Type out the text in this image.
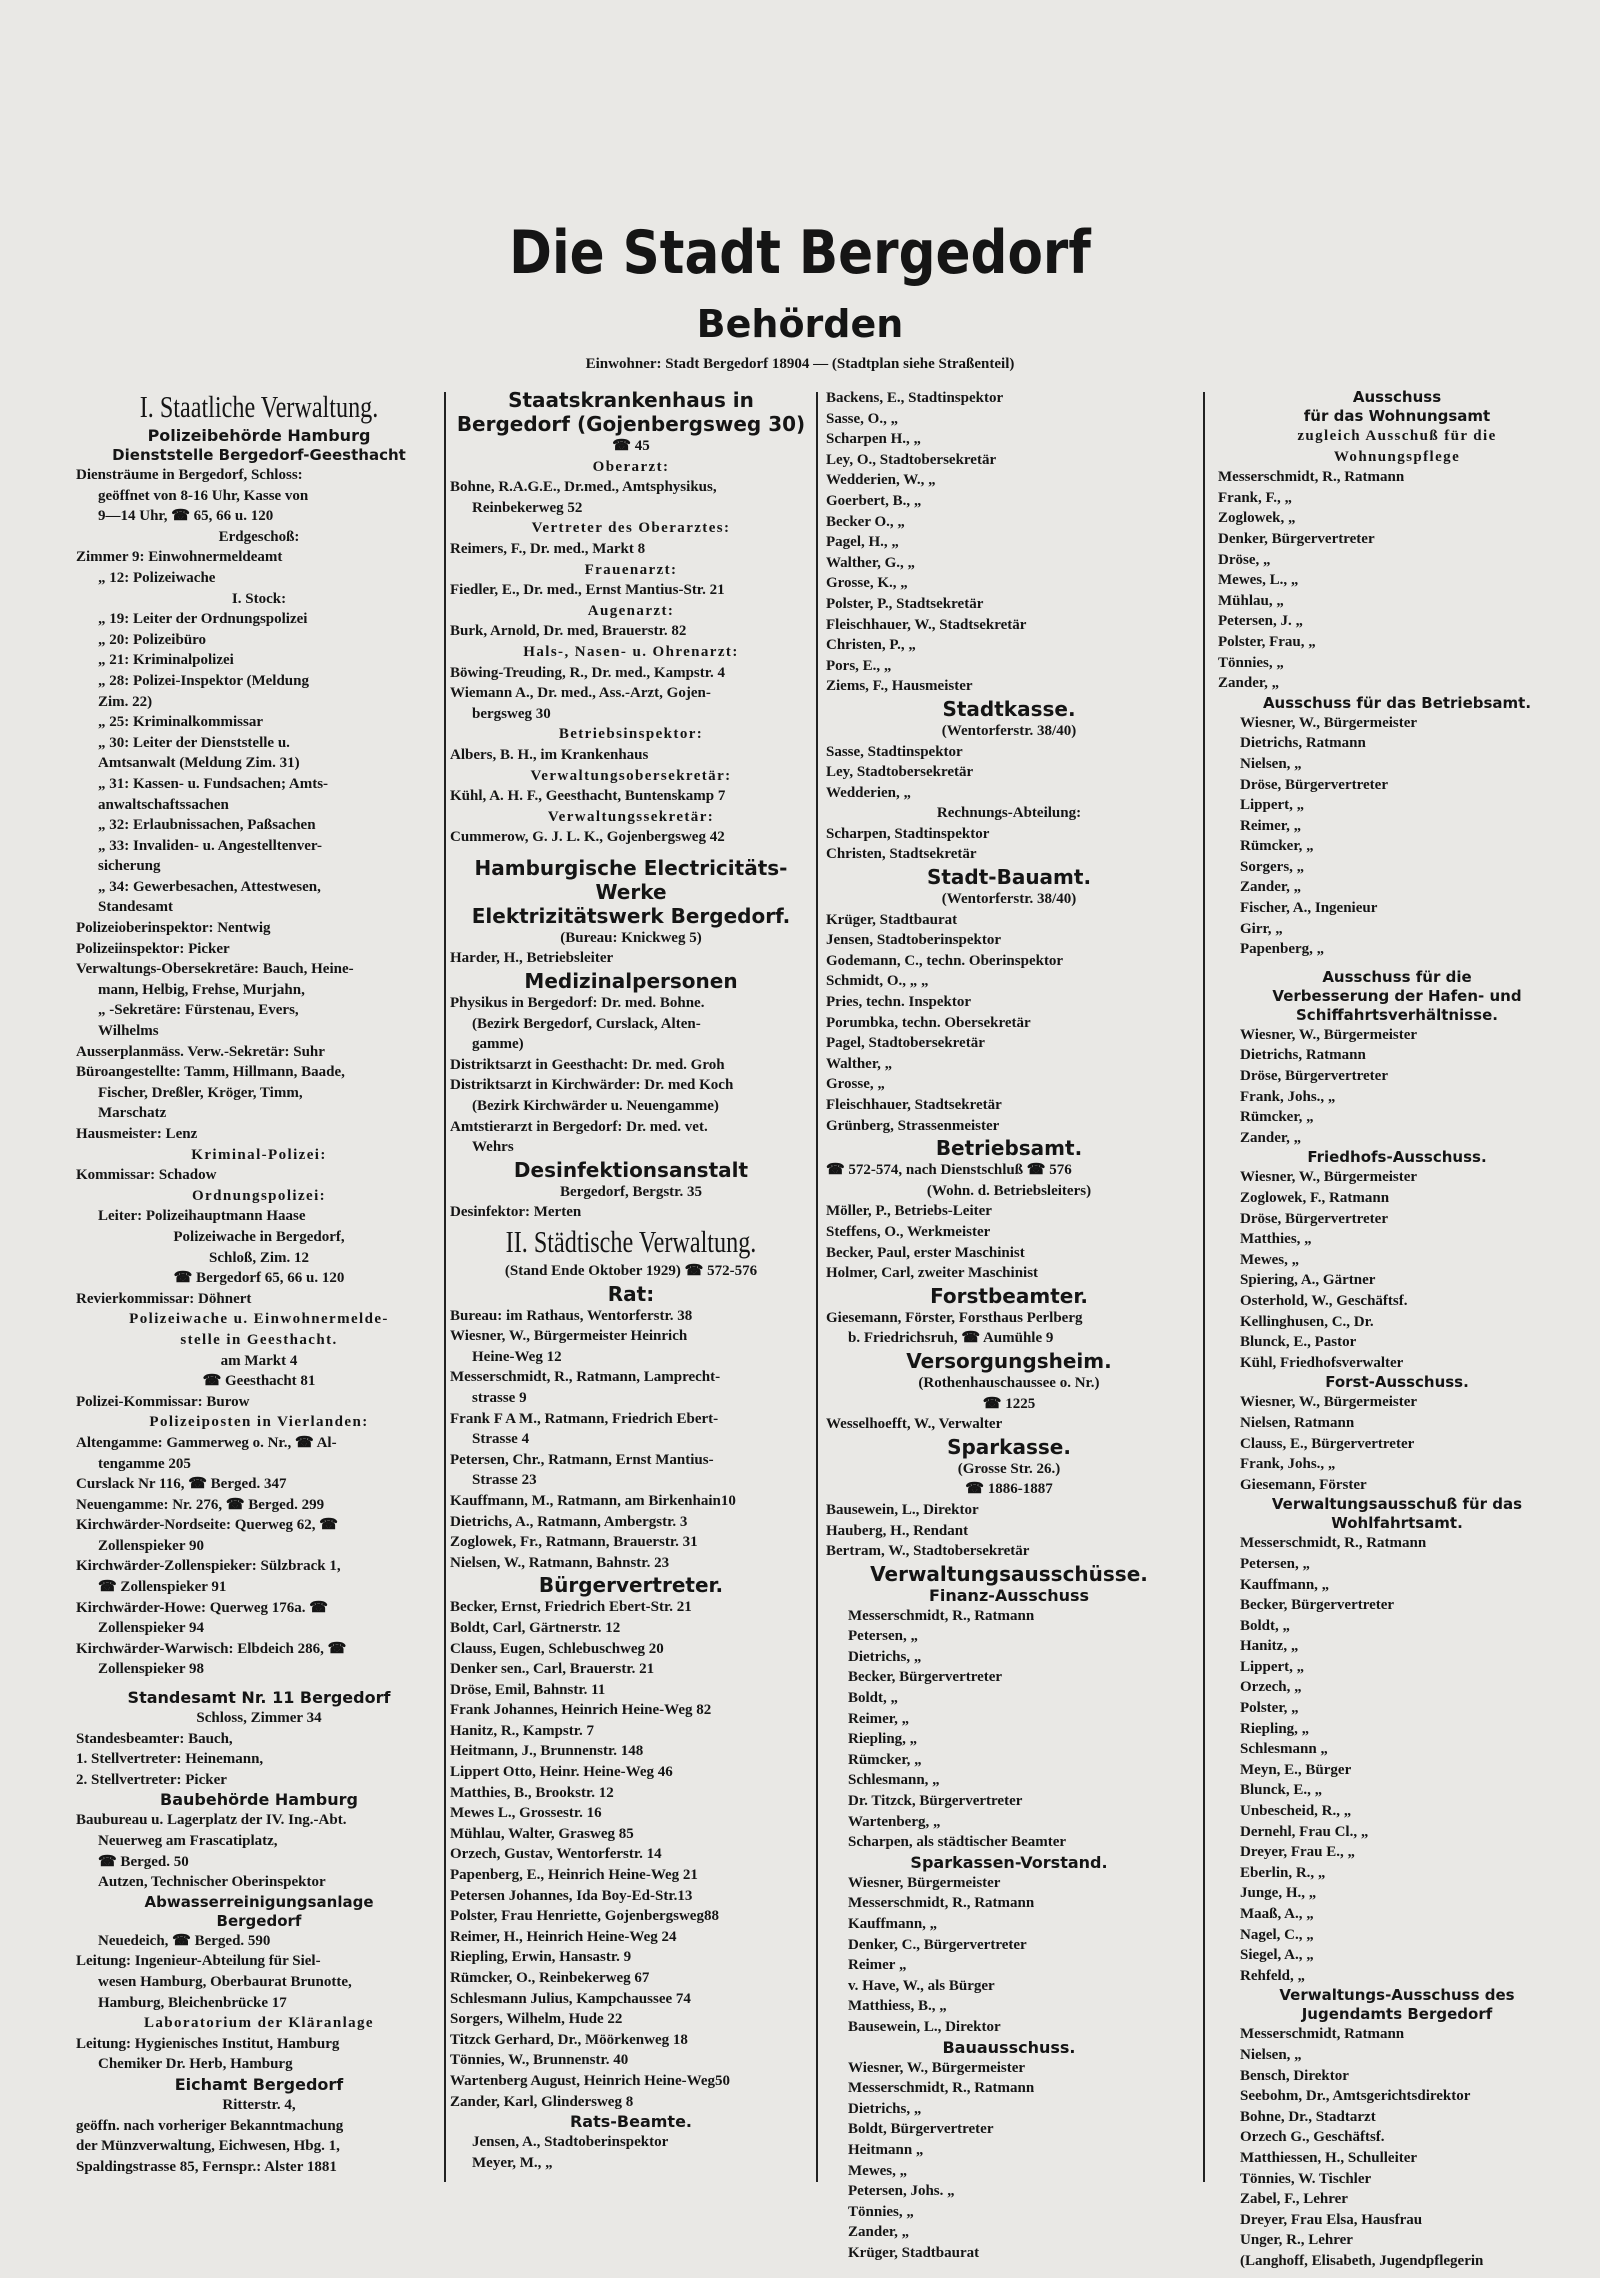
Die Stadt Bergedorf
Behörden
Einwohner: Stadt Bergedorf 18904 — (Stadtplan siehe Straßenteil)
I. Staatliche Verwaltung.
Polizeibehörde Hamburg
Dienststelle Bergedorf-Geesthacht
Diensträume in Bergedorf, Schloss:
geöffnet von 8-16 Uhr, Kasse von
9—14 Uhr, ☎ 65, 66 u. 120
Erdgeschoß:
Zimmer 9: Einwohnermeldeamt
„ 12: Polizeiwache
I. Stock:
„ 19: Leiter der Ordnungspolizei
„ 20: Polizeibüro
„ 21: Kriminalpolizei
„ 28: Polizei-Inspektor (Meldung
Zim. 22)
„ 25: Kriminalkommissar
„ 30: Leiter der Dienststelle u.
Amtsanwalt (Meldung Zim. 31)
„ 31: Kassen- u. Fundsachen; Amts-
anwaltschaftssachen
„ 32: Erlaubnissachen, Paßsachen
„ 33: Invaliden- u. Angestelltenver-
sicherung
„ 34: Gewerbesachen, Attestwesen,
Standesamt
Polizeioberinspektor: Nentwig
Polizeiinspektor: Picker
Verwaltungs-Obersekretäre: Bauch, Heine-
mann, Helbig, Frehse, Murjahn,
„ -Sekretäre: Fürstenau, Evers,
Wilhelms
Ausserplanmäss. Verw.-Sekretär: Suhr
Büroangestellte: Tamm, Hillmann, Baade,
Fischer, Dreßler, Kröger, Timm,
Marschatz
Hausmeister: Lenz
Kriminal-Polizei:
Kommissar: Schadow
Ordnungspolizei:
Leiter: Polizeihauptmann Haase
Polizeiwache in Bergedorf,
Schloß, Zim. 12
☎ Bergedorf 65, 66 u. 120
Revierkommissar: Döhnert
Polizeiwache u. Einwohnermelde-
stelle in Geesthacht.
am Markt 4
☎ Geesthacht 81
Polizei-Kommissar: Burow
Polizeiposten in Vierlanden:
Altengamme: Gammerweg o. Nr., ☎ Al-
tengamme 205
Curslack Nr 116, ☎ Berged. 347
Neuengamme: Nr. 276, ☎ Berged. 299
Kirchwärder-Nordseite: Querweg 62, ☎
Zollenspieker 90
Kirchwärder-Zollenspieker: Sülzbrack 1,
☎ Zollenspieker 91
Kirchwärder-Howe: Querweg 176a. ☎
Zollenspieker 94
Kirchwärder-Warwisch: Elbdeich 286, ☎
Zollenspieker 98
Standesamt Nr. 11 Bergedorf
Schloss, Zimmer 34
Standesbeamter: Bauch,
1. Stellvertreter: Heinemann,
2. Stellvertreter: Picker
Baubehörde Hamburg
Baubureau u. Lagerplatz der IV. Ing.-Abt.
Neuerweg am Frascatiplatz,
☎ Berged. 50
Autzen, Technischer Oberinspektor
Abwasserreinigungsanlage
Bergedorf
Neuedeich, ☎ Berged. 590
Leitung: Ingenieur-Abteilung für Siel-
wesen Hamburg, Oberbaurat Brunotte,
Hamburg, Bleichenbrücke 17
Laboratorium der Kläranlage
Leitung: Hygienisches Institut, Hamburg
Chemiker Dr. Herb, Hamburg
Eichamt Bergedorf
Ritterstr. 4,
geöffn. nach vorheriger Bekanntmachung
der Münzverwaltung, Eichwesen, Hbg. 1,
Spaldingstrasse 85, Fernspr.: Alster 1881
Staatskrankenhaus in
Bergedorf (Gojenbergsweg 30)
☎ 45
Oberarzt:
Bohne, R.A.G.E., Dr.med., Amtsphysikus,
Reinbekerweg 52
Vertreter des Oberarztes:
Reimers, F., Dr. med., Markt 8
Frauenarzt:
Fiedler, E., Dr. med., Ernst Mantius-Str. 21
Augenarzt:
Burk, Arnold, Dr. med, Brauerstr. 82
Hals-, Nasen- u. Ohrenarzt:
Böwing-Treuding, R., Dr. med., Kampstr. 4
Wiemann A., Dr. med., Ass.-Arzt, Gojen-
bergsweg 30
Betriebsinspektor:
Albers, B. H., im Krankenhaus
Verwaltungsobersekretär:
Kühl, A. H. F., Geesthacht, Buntenskamp 7
Verwaltungssekretär:
Cummerow, G. J. L. K., Gojenbergsweg 42
Hamburgische Electricitäts-
Werke
Elektrizitätswerk Bergedorf.
(Bureau: Knickweg 5)
Harder, H., Betriebsleiter
Medizinalpersonen
Physikus in Bergedorf: Dr. med. Bohne.
(Bezirk Bergedorf, Curslack, Alten-
gamme)
Distriktsarzt in Geesthacht: Dr. med. Groh
Distriktsarzt in Kirchwärder: Dr. med Koch
(Bezirk Kirchwärder u. Neuengamme)
Amtstierarzt in Bergedorf: Dr. med. vet.
Wehrs
Desinfektionsanstalt
Bergedorf, Bergstr. 35
Desinfektor: Merten
II. Städtische Verwaltung.
(Stand Ende Oktober 1929) ☎ 572-576
Rat:
Bureau: im Rathaus, Wentorferstr. 38
Wiesner, W., Bürgermeister Heinrich
Heine-Weg 12
Messerschmidt, R., Ratmann, Lamprecht-
strasse 9
Frank F A M., Ratmann, Friedrich Ebert-
Strasse 4
Petersen, Chr., Ratmann, Ernst Mantius-
Strasse 23
Kauffmann, M., Ratmann, am Birkenhain10
Dietrichs, A., Ratmann, Ambergstr. 3
Zoglowek, Fr., Ratmann, Brauerstr. 31
Nielsen, W., Ratmann, Bahnstr. 23
Bürgervertreter.
Becker, Ernst, Friedrich Ebert-Str. 21
Boldt, Carl, Gärtnerstr. 12
Clauss, Eugen, Schlebuschweg 20
Denker sen., Carl, Brauerstr. 21
Dröse, Emil, Bahnstr. 11
Frank Johannes, Heinrich Heine-Weg 82
Hanitz, R., Kampstr. 7
Heitmann, J., Brunnenstr. 148
Lippert Otto, Heinr. Heine-Weg 46
Matthies, B., Brookstr. 12
Mewes L., Grossestr. 16
Mühlau, Walter, Grasweg 85
Orzech, Gustav, Wentorferstr. 14
Papenberg, E., Heinrich Heine-Weg 21
Petersen Johannes, Ida Boy-Ed-Str.13
Polster, Frau Henriette, Gojenbergsweg88
Reimer, H., Heinrich Heine-Weg 24
Riepling, Erwin, Hansastr. 9
Rümcker, O., Reinbekerweg 67
Schlesmann Julius, Kampchaussee 74
Sorgers, Wilhelm, Hude 22
Titzck Gerhard, Dr., Möörkenweg 18
Tönnies, W., Brunnenstr. 40
Wartenberg August, Heinrich Heine-Weg50
Zander, Karl, Glindersweg 8
Rats-Beamte.
Jensen, A., Stadtoberinspektor
Meyer, M., „
Backens, E., Stadtinspektor
Sasse, O., „
Scharpen H., „
Ley, O., Stadtobersekretär
Wedderien, W., „
Goerbert, B., „
Becker O., „
Pagel, H., „
Walther, G., „
Grosse, K., „
Polster, P., Stadtsekretär
Fleischhauer, W., Stadtsekretär
Christen, P., „
Pors, E., „
Ziems, F., Hausmeister
Stadtkasse.
(Wentorferstr. 38/40)
Sasse, Stadtinspektor
Ley, Stadtobersekretär
Wedderien, „
Rechnungs-Abteilung:
Scharpen, Stadtinspektor
Christen, Stadtsekretär
Stadt-Bauamt.
(Wentorferstr. 38/40)
Krüger, Stadtbaurat
Jensen, Stadtoberinspektor
Godemann, C., techn. Oberinspektor
Schmidt, O., „ „
Pries, techn. Inspektor
Porumbka, techn. Obersekretär
Pagel, Stadtobersekretär
Walther, „
Grosse, „
Fleischhauer, Stadtsekretär
Grünberg, Strassenmeister
Betriebsamt.
☎ 572-574, nach Dienstschluß ☎ 576
(Wohn. d. Betriebsleiters)
Möller, P., Betriebs-Leiter
Steffens, O., Werkmeister
Becker, Paul, erster Maschinist
Holmer, Carl, zweiter Maschinist
Forstbeamter.
Giesemann, Förster, Forsthaus Perlberg
b. Friedrichsruh, ☎ Aumühle 9
Versorgungsheim.
(Rothenhauschaussee o. Nr.)
☎ 1225
Wesselhoefft, W., Verwalter
Sparkasse.
(Grosse Str. 26.)
☎ 1886-1887
Bausewein, L., Direktor
Hauberg, H., Rendant
Bertram, W., Stadtobersekretär
Verwaltungsausschüsse.
Finanz-Ausschuss
Messerschmidt, R., Ratmann
Petersen, „
Dietrichs, „
Becker, Bürgervertreter
Boldt, „
Reimer, „
Riepling, „
Rümcker, „
Schlesmann, „
Dr. Titzck, Bürgervertreter
Wartenberg, „
Scharpen, als städtischer Beamter
Sparkassen-Vorstand.
Wiesner, Bürgermeister
Messerschmidt, R., Ratmann
Kauffmann, „
Denker, C., Bürgervertreter
Reimer „
v. Have, W., als Bürger
Matthiess, B., „
Bausewein, L., Direktor
Bauausschuss.
Wiesner, W., Bürgermeister
Messerschmidt, R., Ratmann
Dietrichs, „
Boldt, Bürgervertreter
Heitmann „
Mewes, „
Petersen, Johs. „
Tönnies, „
Zander, „
Krüger, Stadtbaurat
Ausschuss
für das Wohnungsamt
zugleich Ausschuß für die
Wohnungspflege
Messerschmidt, R., Ratmann
Frank, F., „
Zoglowek, „
Denker, Bürgervertreter
Dröse, „
Mewes, L., „
Mühlau, „
Petersen, J. „
Polster, Frau, „
Tönnies, „
Zander, „
Ausschuss für das Betriebsamt.
Wiesner, W., Bürgermeister
Dietrichs, Ratmann
Nielsen, „
Dröse, Bürgervertreter
Lippert, „
Reimer, „
Rümcker, „
Sorgers, „
Zander, „
Fischer, A., Ingenieur
Girr, „
Papenberg, „
Ausschuss für die
Verbesserung der Hafen- und
Schiffahrtsverhältnisse.
Wiesner, W., Bürgermeister
Dietrichs, Ratmann
Dröse, Bürgervertreter
Frank, Johs., „
Rümcker, „
Zander, „
Friedhofs-Ausschuss.
Wiesner, W., Bürgermeister
Zoglowek, F., Ratmann
Dröse, Bürgervertreter
Matthies, „
Mewes, „
Spiering, A., Gärtner
Osterhold, W., Geschäftsf.
Kellinghusen, C., Dr.
Blunck, E., Pastor
Kühl, Friedhofsverwalter
Forst-Ausschuss.
Wiesner, W., Bürgermeister
Nielsen, Ratmann
Clauss, E., Bürgervertreter
Frank, Johs., „
Giesemann, Förster
Verwaltungsausschuß für das
Wohlfahrtsamt.
Messerschmidt, R., Ratmann
Petersen, „
Kauffmann, „
Becker, Bürgervertreter
Boldt, „
Hanitz, „
Lippert, „
Orzech, „
Polster, „
Riepling, „
Schlesmann „
Meyn, E., Bürger
Blunck, E., „
Unbescheid, R., „
Dernehl, Frau Cl., „
Dreyer, Frau E., „
Eberlin, R., „
Junge, H., „
Maaß, A., „
Nagel, C., „
Siegel, A., „
Rehfeld, „
Verwaltungs-Ausschuss des
Jugendamts Bergedorf
Messerschmidt, Ratmann
Nielsen, „
Bensch, Direktor
Seebohm, Dr., Amtsgerichtsdirektor
Bohne, Dr., Stadtarzt
Orzech G., Geschäftsf.
Matthiessen, H., Schulleiter
Tönnies, W. Tischler
Zabel, F., Lehrer
Dreyer, Frau Elsa, Hausfrau
Unger, R., Lehrer
(Langhoff, Elisabeth, Jugendpflegerin
